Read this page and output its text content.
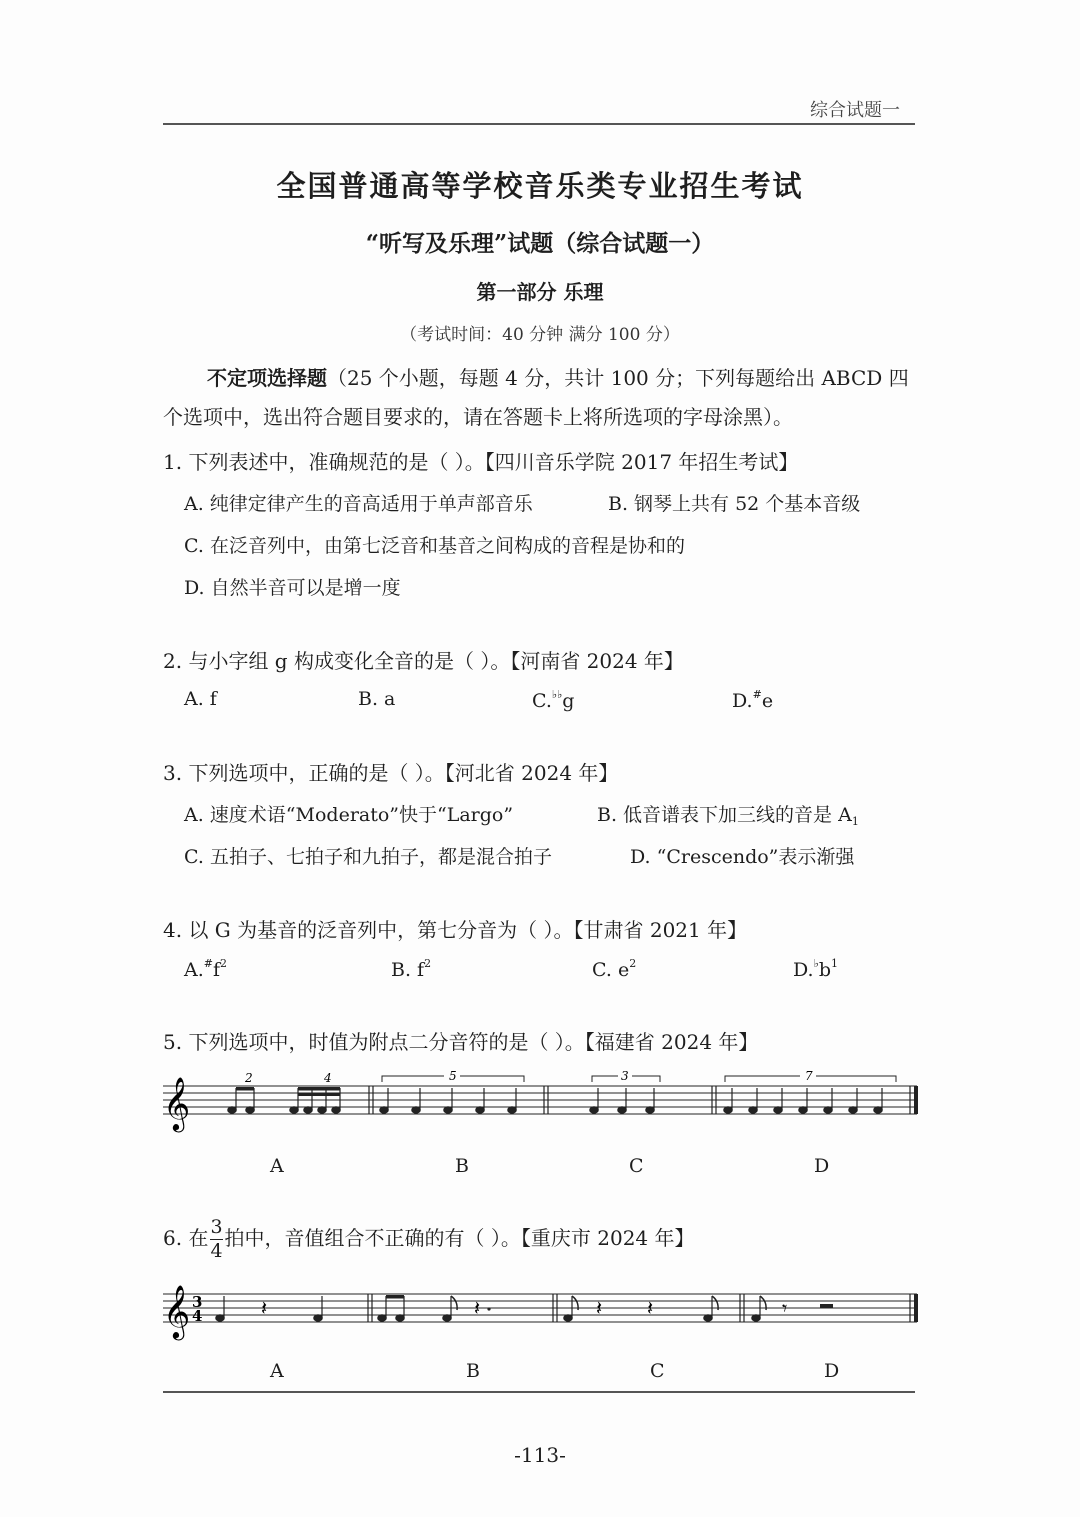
综合试题一
全国普通高等学校音乐类专业招生考试
“听写及乐理”试题（综合试题一）
第一部分 乐理
（考试时间：40 分钟 满分 100 分）
不定项选择题（25 个小题，每题 4 分，共计 100 分；下列每题给出 ABCD 四
个选项中，选出符合题目要求的，请在答题卡上将所选项的字母涂黑）。
1. 下列表述中，准确规范的是（ ）。【四川音乐学院 2017 年招生考试】
A. 纯律定律产生的音高适用于单声部音乐	B. 钢琴上共有 52 个基本音级
C. 在泛音列中，由第七泛音和基音之间构成的音程是协和的
D. 自然半音可以是增一度
2. 与小字组 g 构成变化全音的是（ ）。【河南省 2024 年】
A. f	B. a	C.♭♭g	D.#e
3. 下列选项中，正确的是（ ）。【河北省 2024 年】
A. 速度术语“Moderato”快于“Largo”	B. 低音谱表下加三线的音是 $A_1$
C. 五拍子、七拍子和九拍子，都是混合拍子	D. “Crescendo”表示渐强
4. 以 G 为基音的泛音列中，第七分音为（ ）。【甘肃省 2021 年】
$A.^{\#}f^2$	B. $f^2$	C. $e^2$	$D.^♭b^1$
5. 下列选项中，时值为附点二分音符的是（ ）。【福建省 2024 年】
𝄞	2	4	5	3	7
A	B	C	D
6. 在 $\frac{3}{4}$ 拍中，音值组合不正确的有（ ）。【重庆市 2024 年】
𝄞 3
4	𝄽	𝄽	𝄽 𝄽	𝄾
A	B	C	D
-113-
